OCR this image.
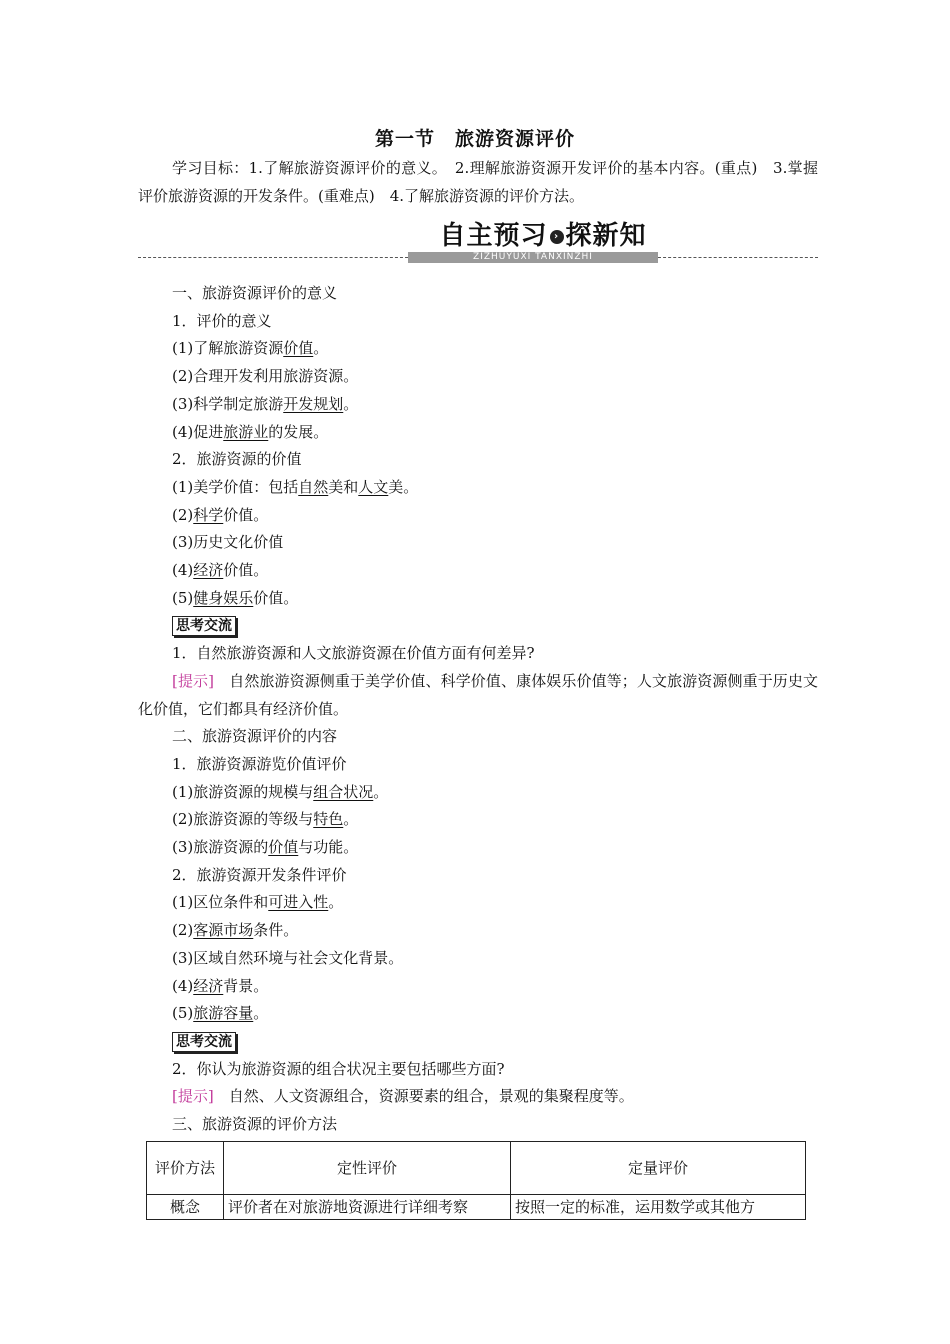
第一节　旅游资源评价
学习目标：1.了解旅游资源评价的意义。　2.理解旅游资源开发评价的基本内容。(重点)　3.掌握评价旅游资源的开发条件。(重难点)　4.了解旅游资源的评价方法。
ZIZHUYUXI TANXINZHI
自主预习 › 探新知
一、旅游资源评价的意义
1．评价的意义
(1)了解旅游资源价值。
(2)合理开发利用旅游资源。
(3)科学制定旅游开发规划。
(4)促进旅游业的发展。
2．旅游资源的价值
(1)美学价值：包括自然美和人文美。
(2)科学价值。
(3)历史文化价值
(4)经济价值。
(5)健身娱乐价值。
思考交流
1．自然旅游资源和人文旅游资源在价值方面有何差异?
[提示]　自然旅游资源侧重于美学价值、科学价值、康体娱乐价值等；人文旅游资源侧重于历史文化价值，它们都具有经济价值。
二、旅游资源评价的内容
1．旅游资源游览价值评价
(1)旅游资源的规模与组合状况。
(2)旅游资源的等级与特色。
(3)旅游资源的价值与功能。
2．旅游资源开发条件评价
(1)区位条件和可进入性。
(2)客源市场条件。
(3)区域自然环境与社会文化背景。
(4)经济背景。
(5)旅游容量。
思考交流
2．你认为旅游资源的组合状况主要包括哪些方面?
[提示]　自然、人文资源组合，资源要素的组合，景观的集聚程度等。
三、旅游资源的评价方法
评价方法	定性评价	定量评价
概念	评价者在对旅游地资源进行详细考察	按照一定的标准，运用数学或其他方
